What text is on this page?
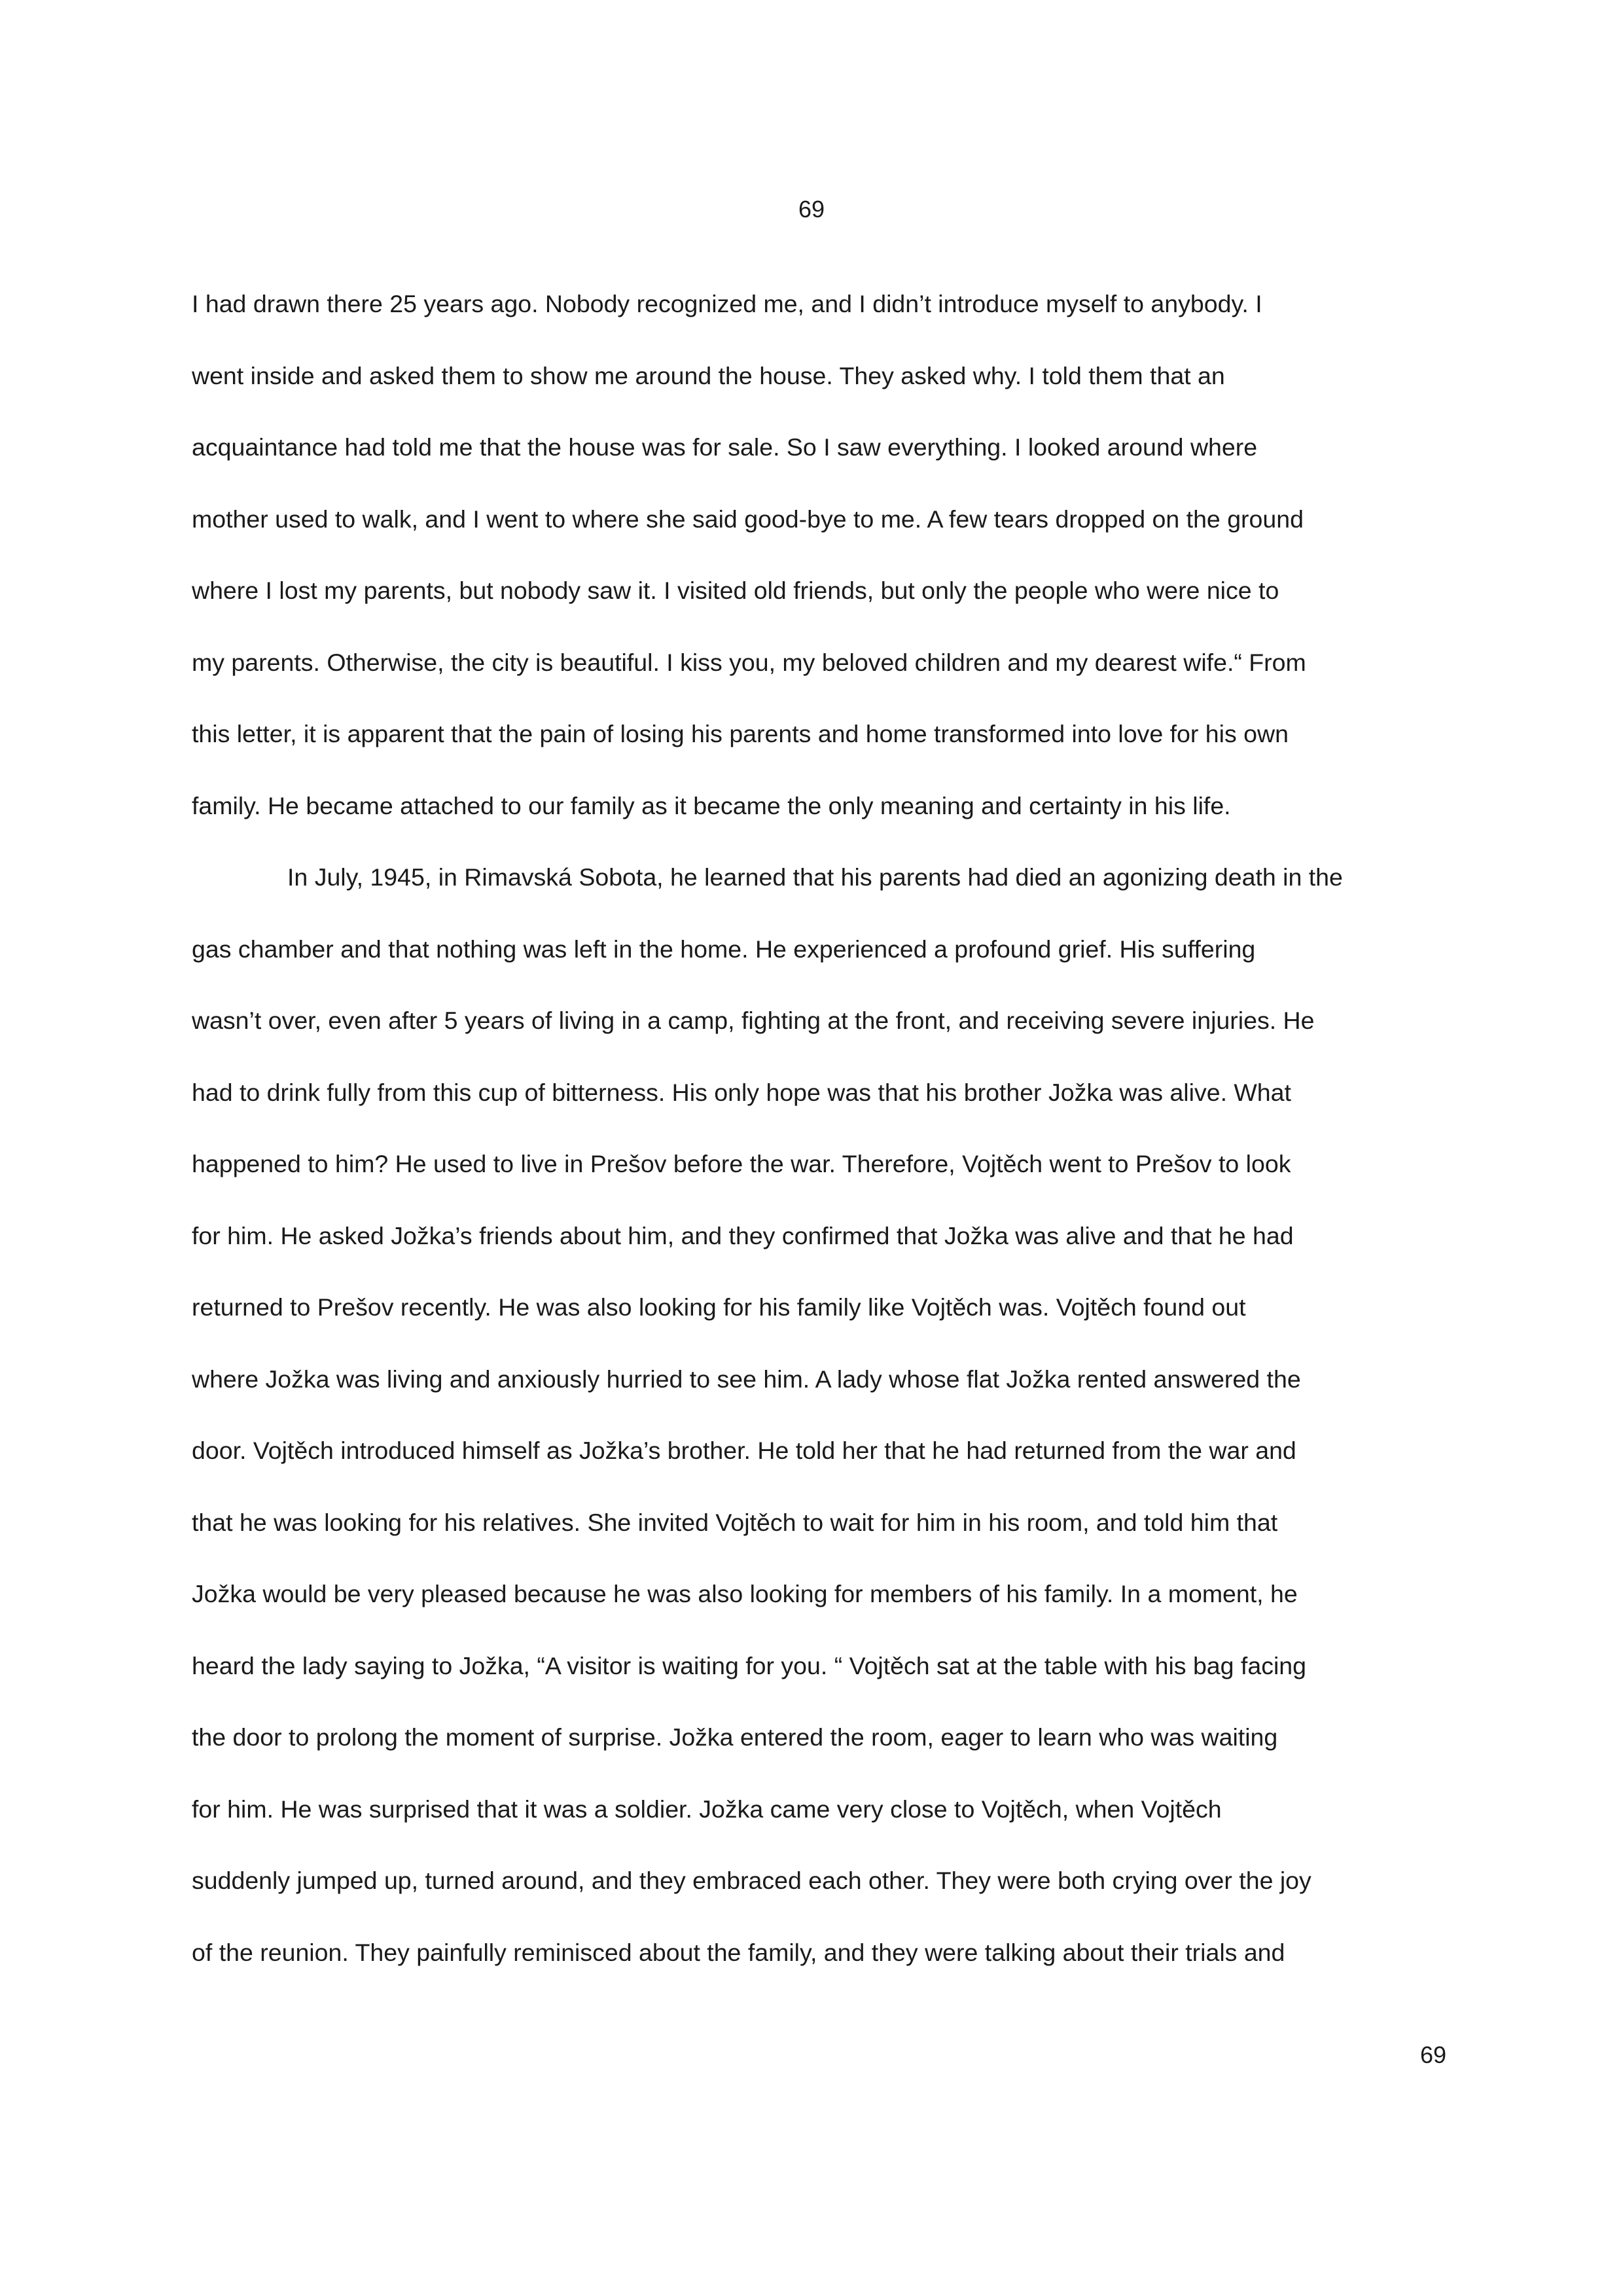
69
I had drawn there 25 years ago. Nobody recognized me, and I didn’t introduce myself to anybody. I
went inside and asked them to show me around the house. They asked why. I told them that an
acquaintance had told me that the house was for sale. So I saw everything. I looked around where
mother used to walk, and I went to where she said good-bye to me. A few tears dropped on the ground
where I lost my parents, but nobody saw it. I visited old friends, but only the people who were nice to
my parents. Otherwise, the city is beautiful. I kiss you, my beloved children and my dearest wife.“ From
this letter, it is apparent that the pain of losing his parents and home transformed into love for his own
family. He became attached to our family as it became the only meaning and certainty in his life.
In July, 1945, in Rimavská Sobota, he learned that his parents had died an agonizing death in the
gas chamber and that nothing was left in the home. He experienced a profound grief. His suffering
wasn’t over, even after 5 years of living in a camp, fighting at the front, and receiving severe injuries. He
had to drink fully from this cup of bitterness. His only hope was that his brother Jožka was alive. What
happened to him? He used to live in Prešov before the war. Therefore, Vojtěch went to Prešov to look
for him. He asked Jožka’s friends about him, and they confirmed that Jožka was alive and that he had
returned to Prešov recently. He was also looking for his family like Vojtěch was. Vojtěch found out
where Jožka was living and anxiously hurried to see him. A lady whose flat Jožka rented answered the
door. Vojtěch introduced himself as Jožka’s brother. He told her that he had returned from the war and
that he was looking for his relatives. She invited Vojtěch to wait for him in his room, and told him that
Jožka would be very pleased because he was also looking for members of his family. In a moment, he
heard the lady saying to Jožka, “A visitor is waiting for you. “ Vojtěch sat at the table with his bag facing
the door to prolong the moment of surprise. Jožka entered the room, eager to learn who was waiting
for him. He was surprised that it was a soldier. Jožka came very close to Vojtěch, when Vojtěch
suddenly jumped up, turned around, and they embraced each other. They were both crying over the joy
of the reunion. They painfully reminisced about the family, and they were talking about their trials and
69
